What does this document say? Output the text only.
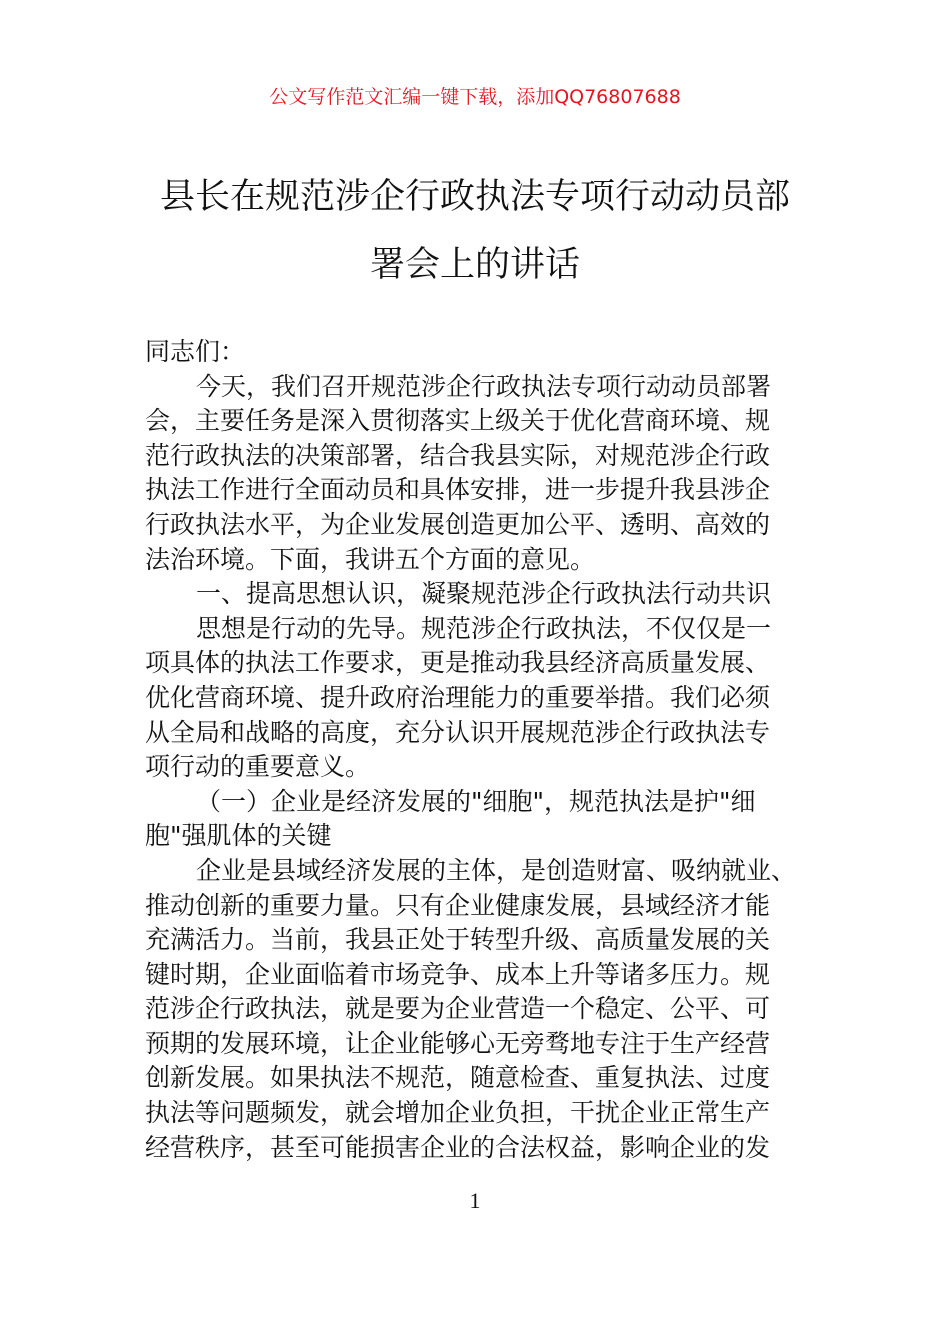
公文写作范文汇编一键下载，添加QQ76807688
县长在规范涉企行政执法专项行动动员部
署会上的讲话
同志们：
今天，我们召开规范涉企行政执法专项行动动员部署
会，主要任务是深入贯彻落实上级关于优化营商环境、规
范行政执法的决策部署，结合我县实际，对规范涉企行政
执法工作进行全面动员和具体安排，进一步提升我县涉企
行政执法水平，为企业发展创造更加公平、透明、高效的
法治环境。下面，我讲五个方面的意见。
一、提高思想认识，凝聚规范涉企行政执法行动共识
思想是行动的先导。规范涉企行政执法，不仅仅是一
项具体的执法工作要求，更是推动我县经济高质量发展、
优化营商环境、提升政府治理能力的重要举措。我们必须
从全局和战略的高度，充分认识开展规范涉企行政执法专
项行动的重要意义。
（一）企业是经济发展的"细胞"，规范执法是护"细
胞"强肌体的关键
企业是县域经济发展的主体，是创造财富、吸纳就业、
推动创新的重要力量。只有企业健康发展，县域经济才能
充满活力。当前，我县正处于转型升级、高质量发展的关
键时期，企业面临着市场竞争、成本上升等诸多压力。规
范涉企行政执法，就是要为企业营造一个稳定、公平、可
预期的发展环境，让企业能够心无旁骛地专注于生产经营
创新发展。如果执法不规范，随意检查、重复执法、过度
执法等问题频发，就会增加企业负担，干扰企业正常生产
经营秩序，甚至可能损害企业的合法权益，影响企业的发
1
